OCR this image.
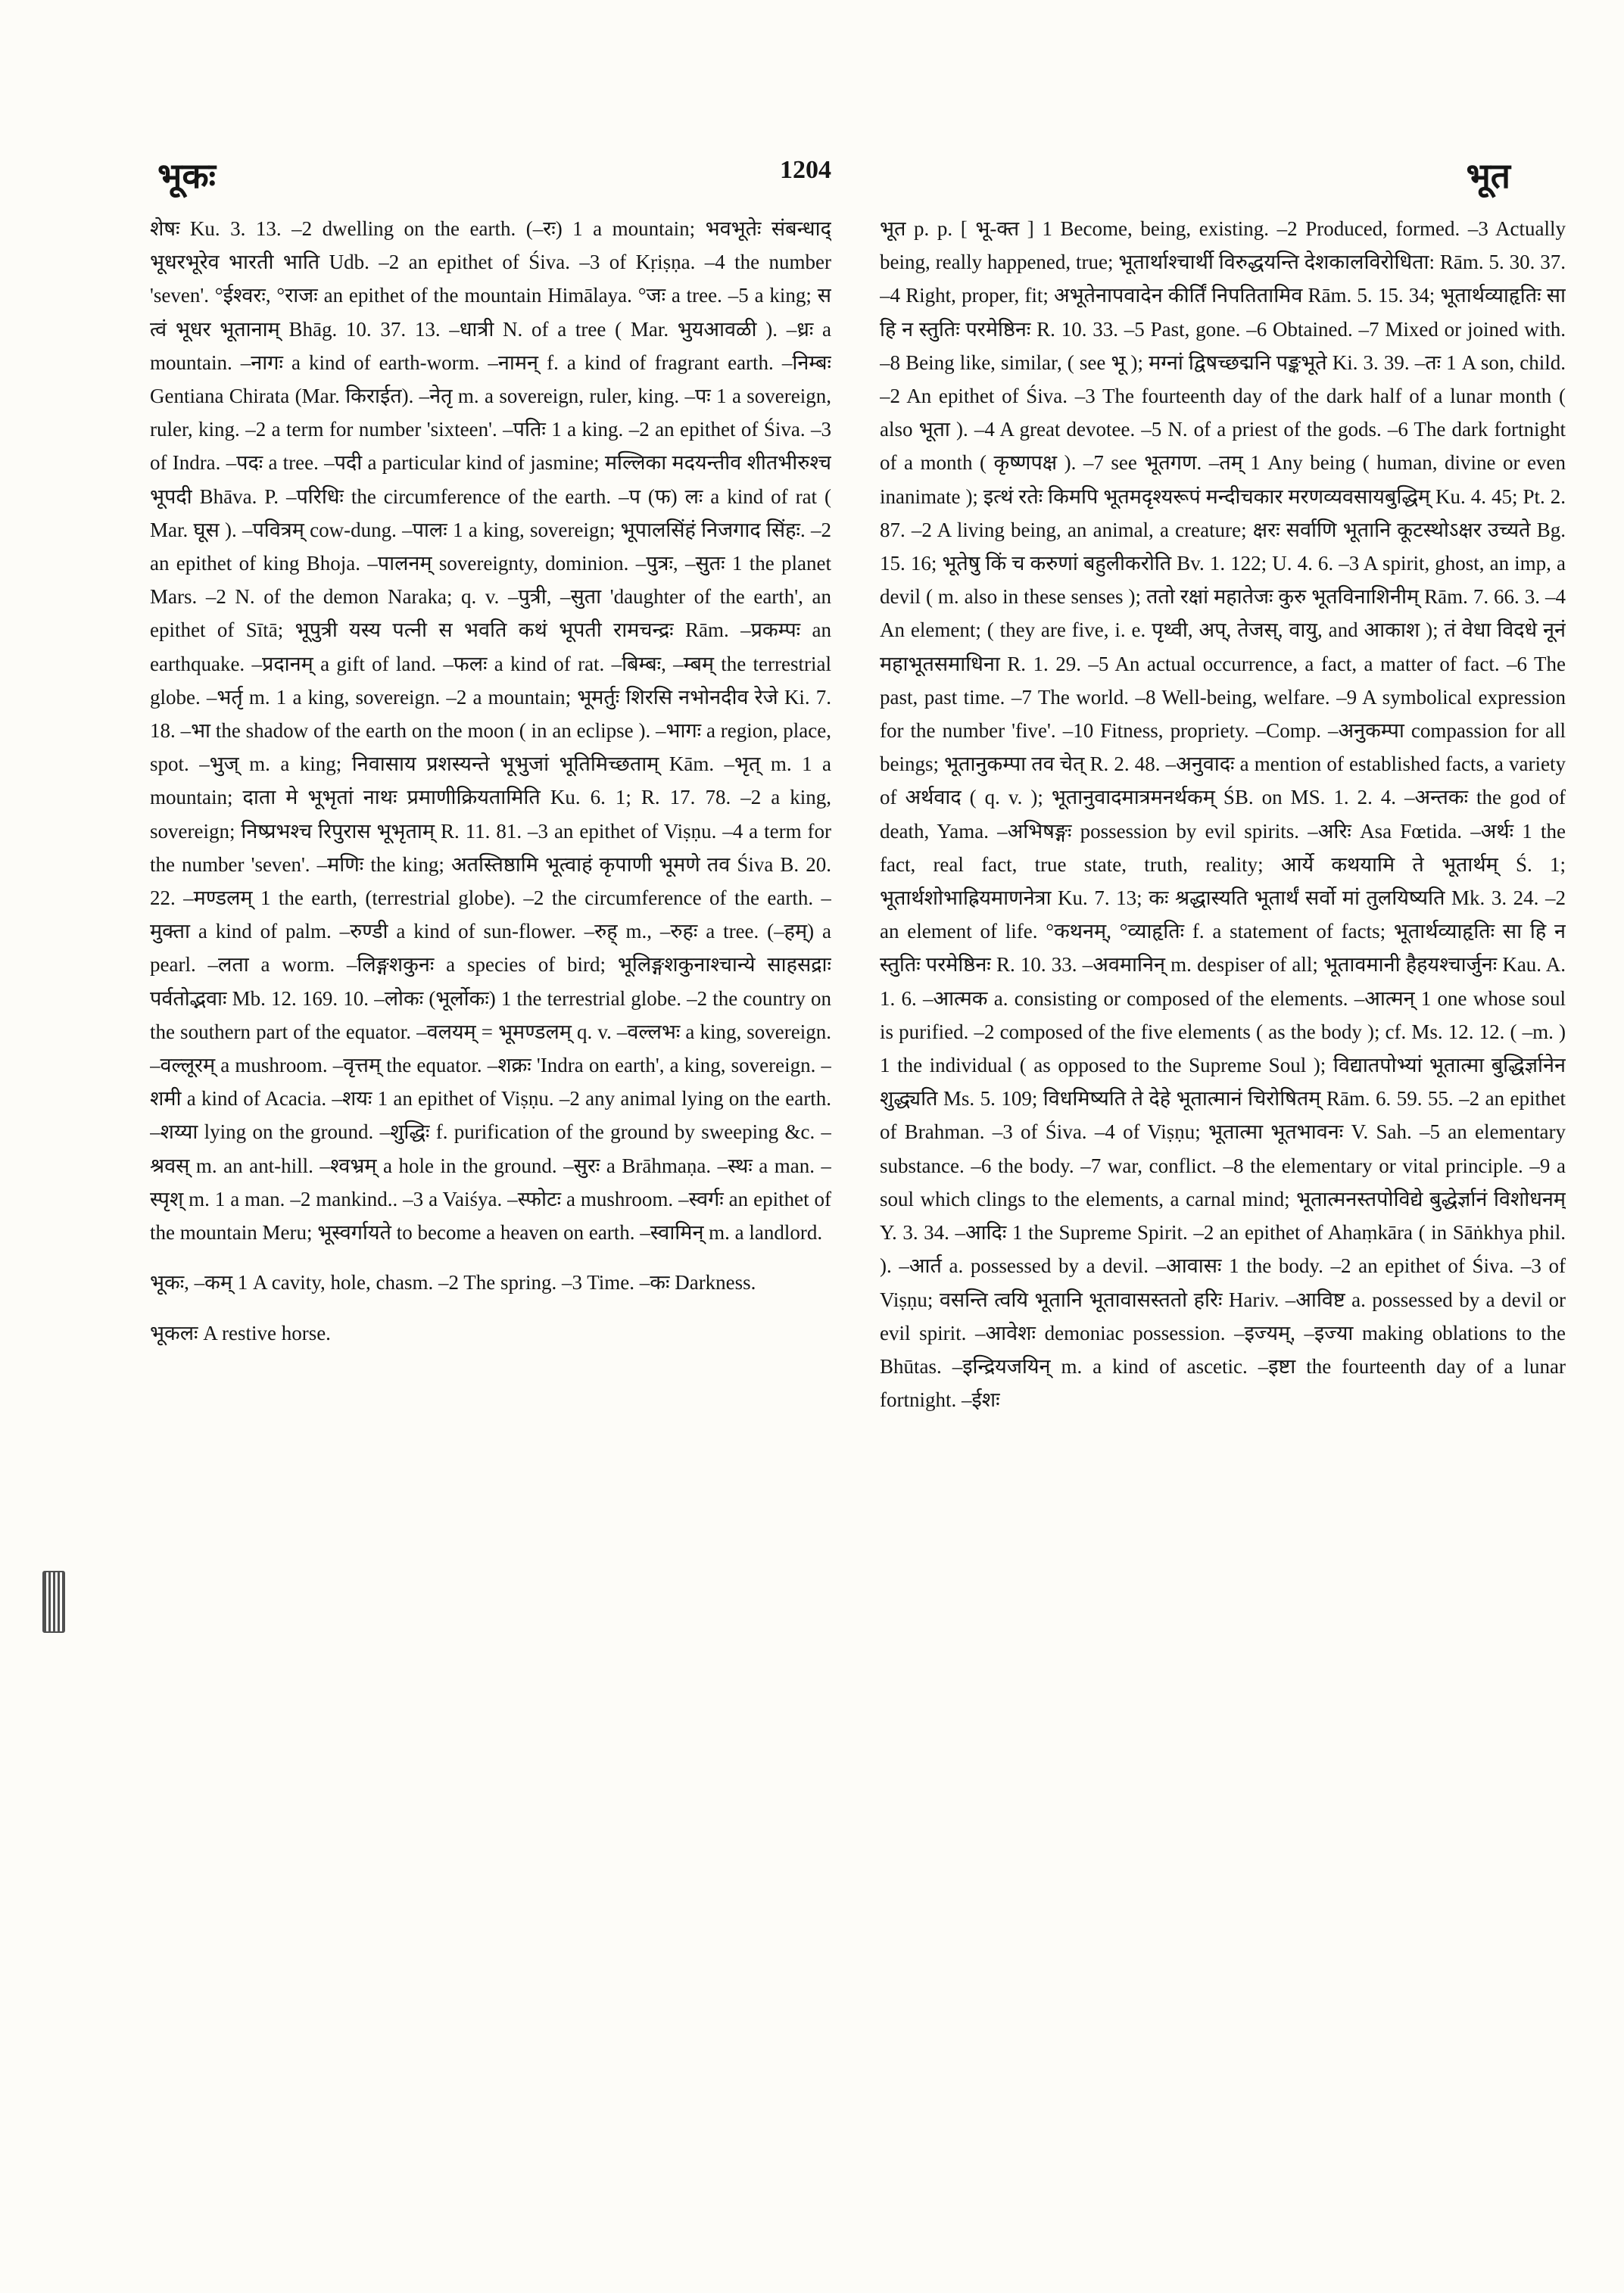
भूकः	1204	भूत

शेषः Ku. 3. 13. –2 dwelling on the earth. (–रः) 1 a mountain; भवभूतेः संबन्धाद् भूधरभूरेव भारती भाति Udb. –2 an epithet of Śiva. –3 of Kṛiṣṇa. –4 the number 'seven'. °ईश्वरः, °राजः an epithet of the mountain Himālaya. °जः a tree. –5 a king; स त्वं भूधर भूतानाम् Bhāg. 10. 37. 13. –धात्री N. of a tree ( Mar. भुयआवळी ). –ध्रः a mountain. –नागः a kind of earth-worm. –नामन् f. a kind of fragrant earth. –निम्बः Gentiana Chirata (Mar. किराईत). –नेतृ m. a sovereign, ruler, king. –पः 1 a sovereign, ruler, king. –2 a term for number 'sixteen'. –पतिः 1 a king. –2 an epithet of Śiva. –3 of Indra. –पदः a tree. –पदी a particular kind of jasmine; मल्लिका मदयन्तीव शीतभीरुश्च भूपदी Bhāva. P. –परिधिः the circumference of the earth. –प (फ) लः a kind of rat ( Mar. घूस ). –पवित्रम् cow-dung. –पालः 1 a king, sovereign; भूपालसिंहं निजगाद सिंहः. –2 an epithet of king Bhoja. –पालनम् sovereignty, dominion. –पुत्रः, –सुतः 1 the planet Mars. –2 N. of the demon Naraka; q. v. –पुत्री, –सुता 'daughter of the earth', an epithet of Sītā; भूपुत्री यस्य पत्नी स भवति कथं भूपती रामचन्द्रः Rām. –प्रकम्पः an earthquake. –प्रदानम् a gift of land. –फलः a kind of rat. –बिम्बः, –म्बम् the terrestrial globe. –भर्तृ m. 1 a king, sovereign. –2 a mountain; भूमर्तुः शिरसि नभोनदीव रेजे Ki. 7. 18. –भा the shadow of the earth on the moon ( in an eclipse ). –भागः a region, place, spot. –भुज् m. a king; निवासाय प्रशस्यन्ते भूभुजां भूतिमिच्छताम् Kām. –भृत् m. 1 a mountain; दाता मे भूभृतां नाथः प्रमाणीक्रियतामिति Ku. 6. 1; R. 17. 78. –2 a king, sovereign; निष्प्रभश्च रिपुरास भूभृताम् R. 11. 81. –3 an epithet of Viṣṇu. –4 a term for the number 'seven'. –मणिः the king; अतस्तिष्ठामि भूत्वाहं कृपाणी भूमणे तव Śiva B. 20. 22. –मण्डलम् 1 the earth, (terrestrial globe). –2 the circumference of the earth. –मुक्ता a kind of palm. –रुण्डी a kind of sun-flower. –रुह् m., –रुहः a tree. (–हम्) a pearl. –लता a worm. –लिङ्गशकुनः a species of bird; भूलिङ्गशकुनाश्चान्ये साहसद्राः पर्वतोद्भवाः Mb. 12. 169. 10. –लोकः (भूर्लोकः) 1 the terrestrial globe. –2 the country on the southern part of the equator. –वलयम् = भूमण्डलम् q. v. –वल्लभः a king, sovereign. –वल्लूरम् a mushroom. –वृत्तम् the equator. –शक्रः 'Indra on earth', a king, sovereign. –शमी a kind of Acacia. –शयः 1 an epithet of Viṣṇu. –2 any animal lying on the earth. –शय्या lying on the ground. –शुद्धिः f. purification of the ground by sweeping &c. –श्रवस् m. an ant-hill. –श्वभ्रम् a hole in the ground. –सुरः a Brāhmaṇa. –स्थः a man. –स्पृश् m. 1 a man. –2 mankind.. –3 a Vaiśya. –स्फोटः a mushroom. –स्वर्गः an epithet of the mountain Meru; भूस्वर्गायते to become a heaven on earth. –स्वामिन् m. a landlord.

भूकः, –कम् 1 A cavity, hole, chasm. –2 The spring. –3 Time. –कः Darkness.

भूकलः A restive horse.

भूत p. p. [ भू-क्त ] 1 Become, being, existing. –2 Produced, formed. –3 Actually being, really happened, true; भूतार्थाश्चार्थी विरुद्धयन्ति देशकालविरोधिता: Rām. 5. 30. 37. –4 Right, proper, fit; अभूतेनापवादेन कीर्तिं निपतितामिव Rām. 5. 15. 34; भूतार्थव्याहृतिः सा हि न स्तुतिः परमेष्ठिनः R. 10. 33. –5 Past, gone. –6 Obtained. –7 Mixed or joined with. –8 Being like, similar, ( see भू ); मग्नां द्विषच्छद्मनि पङ्कभूते Ki. 3. 39. –तः 1 A son, child. –2 An epithet of Śiva. –3 The fourteenth day of the dark half of a lunar month ( also भूता ). –4 A great devotee. –5 N. of a priest of the gods. –6 The dark fortnight of a month ( कृष्णपक्ष ). –7 see भूतगण. –तम् 1 Any being ( human, divine or even inanimate ); इत्थं रतेः किमपि भूतमदृश्यरूपं मन्दीचकार मरणव्यवसायबुद्धिम् Ku. 4. 45; Pt. 2. 87. –2 A living being, an animal, a creature; क्षरः सर्वाणि भूतानि कूटस्थोऽक्षर उच्यते Bg. 15. 16; भूतेषु किं च करुणां बहुलीकरोति Bv. 1. 122; U. 4. 6. –3 A spirit, ghost, an imp, a devil ( m. also in these senses ); ततो रक्षां महातेजः कुरु भूतविनाशिनीम् Rām. 7. 66. 3. –4 An element; ( they are five, i. e. पृथ्वी, अप्, तेजस्, वायु, and आकाश ); तं वेधा विदधे नूनं महाभूतसमाधिना R. 1. 29. –5 An actual occurrence, a fact, a matter of fact. –6 The past, past time. –7 The world. –8 Well-being, welfare. –9 A symbolical expression for the number 'five'. –10 Fitness, propriety. –Comp. –अनुकम्पा compassion for all beings; भूतानुकम्पा तव चेत् R. 2. 48. –अनुवादः a mention of established facts, a variety of अर्थवाद ( q. v. ); भूतानुवादमात्रमनर्थकम् ŚB. on MS. 1. 2. 4. –अन्तकः the god of death, Yama. –अभिषङ्गः possession by evil spirits. –अरिः Asa Fœtida. –अर्थः 1 the fact, real fact, true state, truth, reality; आर्ये कथयामि ते भूतार्थम् Ś. 1; भूतार्थशोभाह्रियमाणनेत्रा Ku. 7. 13; कः श्रद्धास्यति भूतार्थं सर्वो मां तुलयिष्यति Mk. 3. 24. –2 an element of life. °कथनम्, °व्याहृतिः f. a statement of facts; भूतार्थव्याहृतिः सा हि न स्तुतिः परमेष्ठिनः R. 10. 33. –अवमानिन् m. despiser of all; भूतावमानी हैहयश्चार्जुनः Kau. A. 1. 6. –आत्मक a. consisting or composed of the elements. –आत्मन् 1 one whose soul is purified. –2 composed of the five elements ( as the body ); cf. Ms. 12. 12. ( –m. ) 1 the individual ( as opposed to the Supreme Soul ); विद्यातपोभ्यां भूतात्मा बुद्धिर्ज्ञानेन शुद्ध्यति Ms. 5. 109; विधमिष्यति ते देहे भूतात्मानं चिरोषितम् Rām. 6. 59. 55. –2 an epithet of Brahman. –3 of Śiva. –4 of Viṣṇu; भूतात्मा भूतभावनः V. Sah. –5 an elementary substance. –6 the body. –7 war, conflict. –8 the elementary or vital principle. –9 a soul which clings to the elements, a carnal mind; भूतात्मनस्तपोविद्ये बुद्धेर्ज्ञानं विशोधनम् Y. 3. 34. –आदिः 1 the Supreme Spirit. –2 an epithet of Ahaṃkāra ( in Sāṅkhya phil. ). –आर्त a. possessed by a devil. –आवासः 1 the body. –2 an epithet of Śiva. –3 of Viṣṇu; वसन्ति त्वयि भूतानि भूतावासस्ततो हरिः Hariv. –आविष्ट a. possessed by a devil or evil spirit. –आवेशः demoniac possession. –इज्यम्, –इज्या making oblations to the Bhūtas. –इन्द्रियजयिन् m. a kind of ascetic. –इष्टा the fourteenth day of a lunar fortnight. –ईशः
